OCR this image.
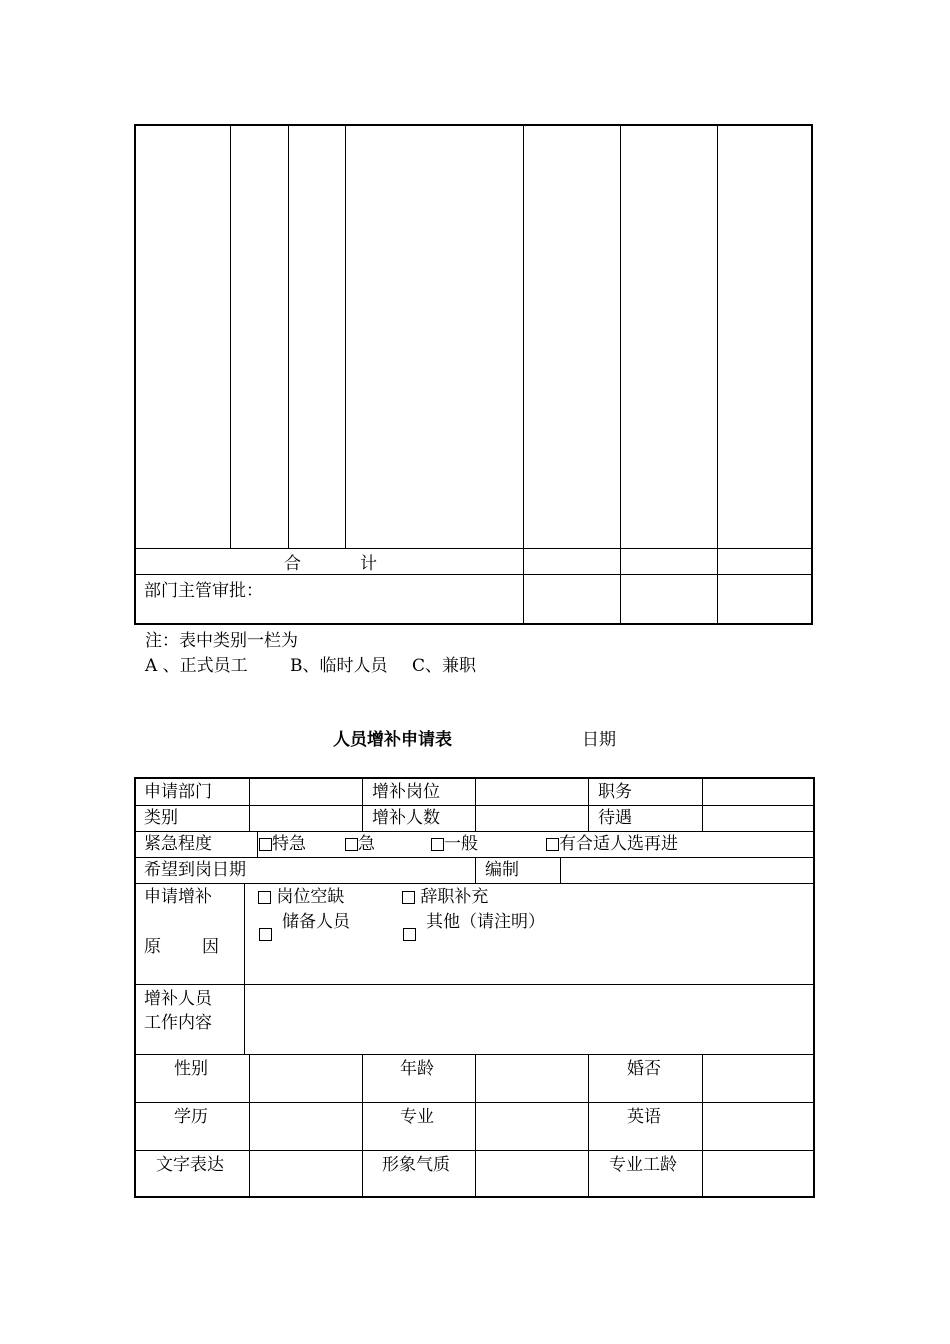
合	计
部门主管审批：
注：表中类别一栏为
A 、正式员工 B、临时人员 C、兼职
人员增补申请表	日期
申请部门	增补岗位	职务
类别	增补人数	待遇
紧急程度	特急	急	一般	有合适人选再进
希望到岗日期	编制
申请增补
原 因
岗位空缺	辞职补充
储备人员	其他（请注明）
增补人员
工作内容
性别	年龄	婚否
学历	专业	英语
文字表达	形象气质	专业工龄
